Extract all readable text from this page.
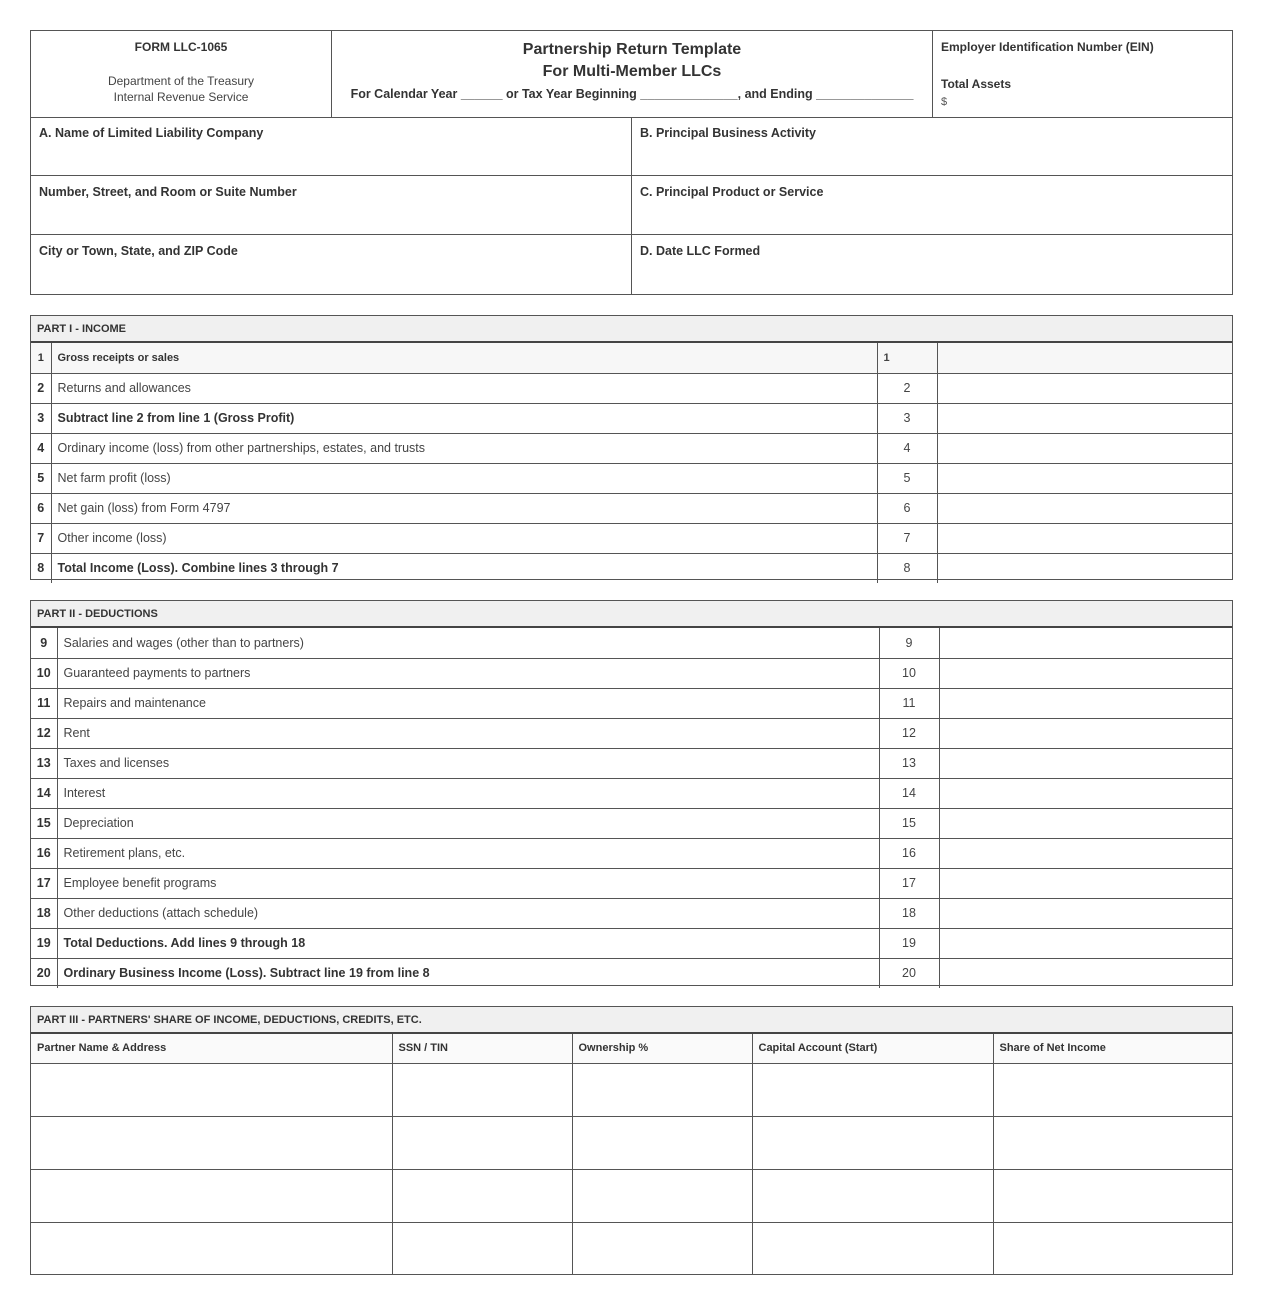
FORM LLC-1065
Department of the Treasury
Internal Revenue Service
Partnership Return Template
For Multi-Member LLCs
For Calendar Year ______ or Tax Year Beginning ______________, and Ending ______________
Employer Identification Number (EIN)
Total Assets
$
A. Name of Limited Liability Company	B. Principal Business Activity
Number, Street, and Room or Suite Number	C. Principal Product or Service
City or Town, State, and ZIP Code	D. Date LLC Formed
PART I - INCOME
1	Gross receipts or sales	1	
2	Returns and allowances	2	
3	Subtract line 2 from line 1 (Gross Profit)	3	
4	Ordinary income (loss) from other partnerships, estates, and trusts	4	
5	Net farm profit (loss)	5	
6	Net gain (loss) from Form 4797	6	
7	Other income (loss)	7	
8	Total Income (Loss). Combine lines 3 through 7	8	
PART II - DEDUCTIONS
9	Salaries and wages (other than to partners)	9	
10	Guaranteed payments to partners	10	
11	Repairs and maintenance	11	
12	Rent	12	
13	Taxes and licenses	13	
14	Interest	14	
15	Depreciation	15	
16	Retirement plans, etc.	16	
17	Employee benefit programs	17	
18	Other deductions (attach schedule)	18	
19	Total Deductions. Add lines 9 through 18	19	
20	Ordinary Business Income (Loss). Subtract line 19 from line 8	20	
PART III - PARTNERS' SHARE OF INCOME, DEDUCTIONS, CREDITS, ETC.
Partner Name & Address	SSN / TIN	Ownership %	Capital Account (Start)	Share of Net Income
